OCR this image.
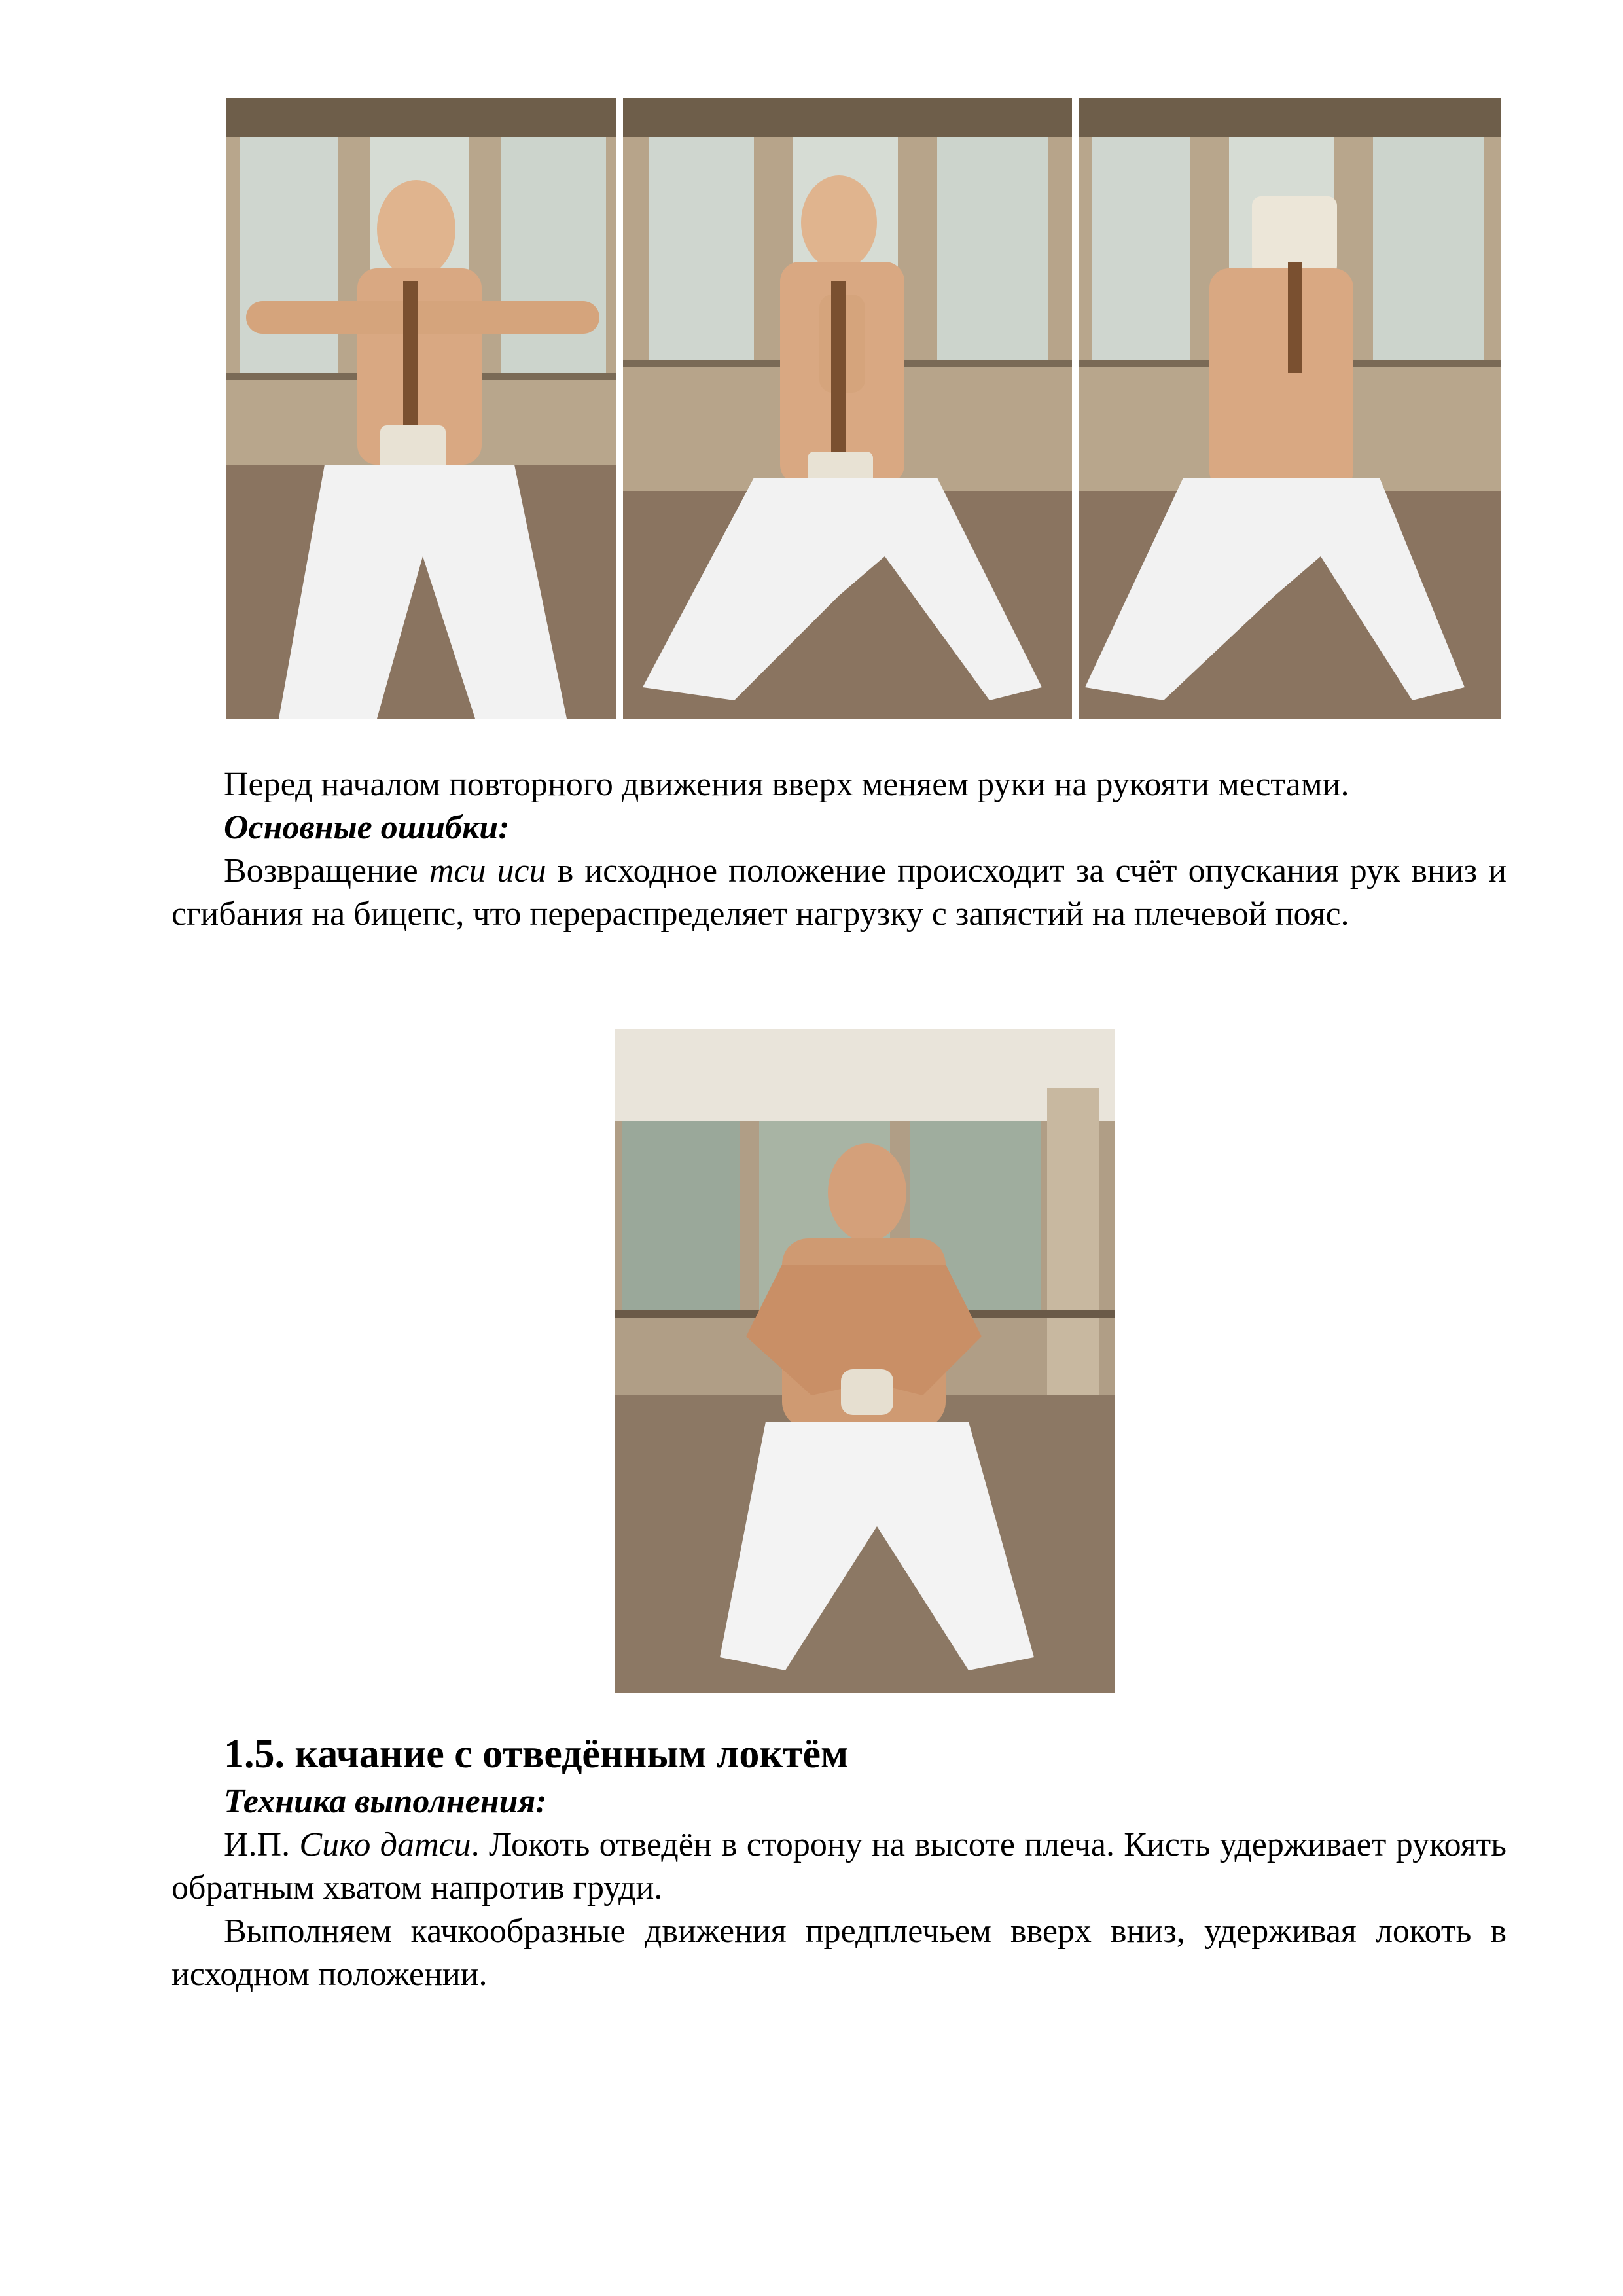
Перед началом повторного движения вверх меняем руки на рукояти местами.

Основные ошибки:

Возвращение тси иси в исходное положение происходит за счёт опускания рук вниз и сгибания на бицепс, что перераспределяет нагрузку с запястий на плечевой пояс.

1.5. качание с отведённым локтём

Техника выполнения:

И.П. Сико датси. Локоть отведён в сторону на высоте плеча. Кисть удерживает рукоять обратным хватом напротив груди.

Выполняем качкообразные движения предплечьем вверх вниз, удерживая локоть в исходном положении.
